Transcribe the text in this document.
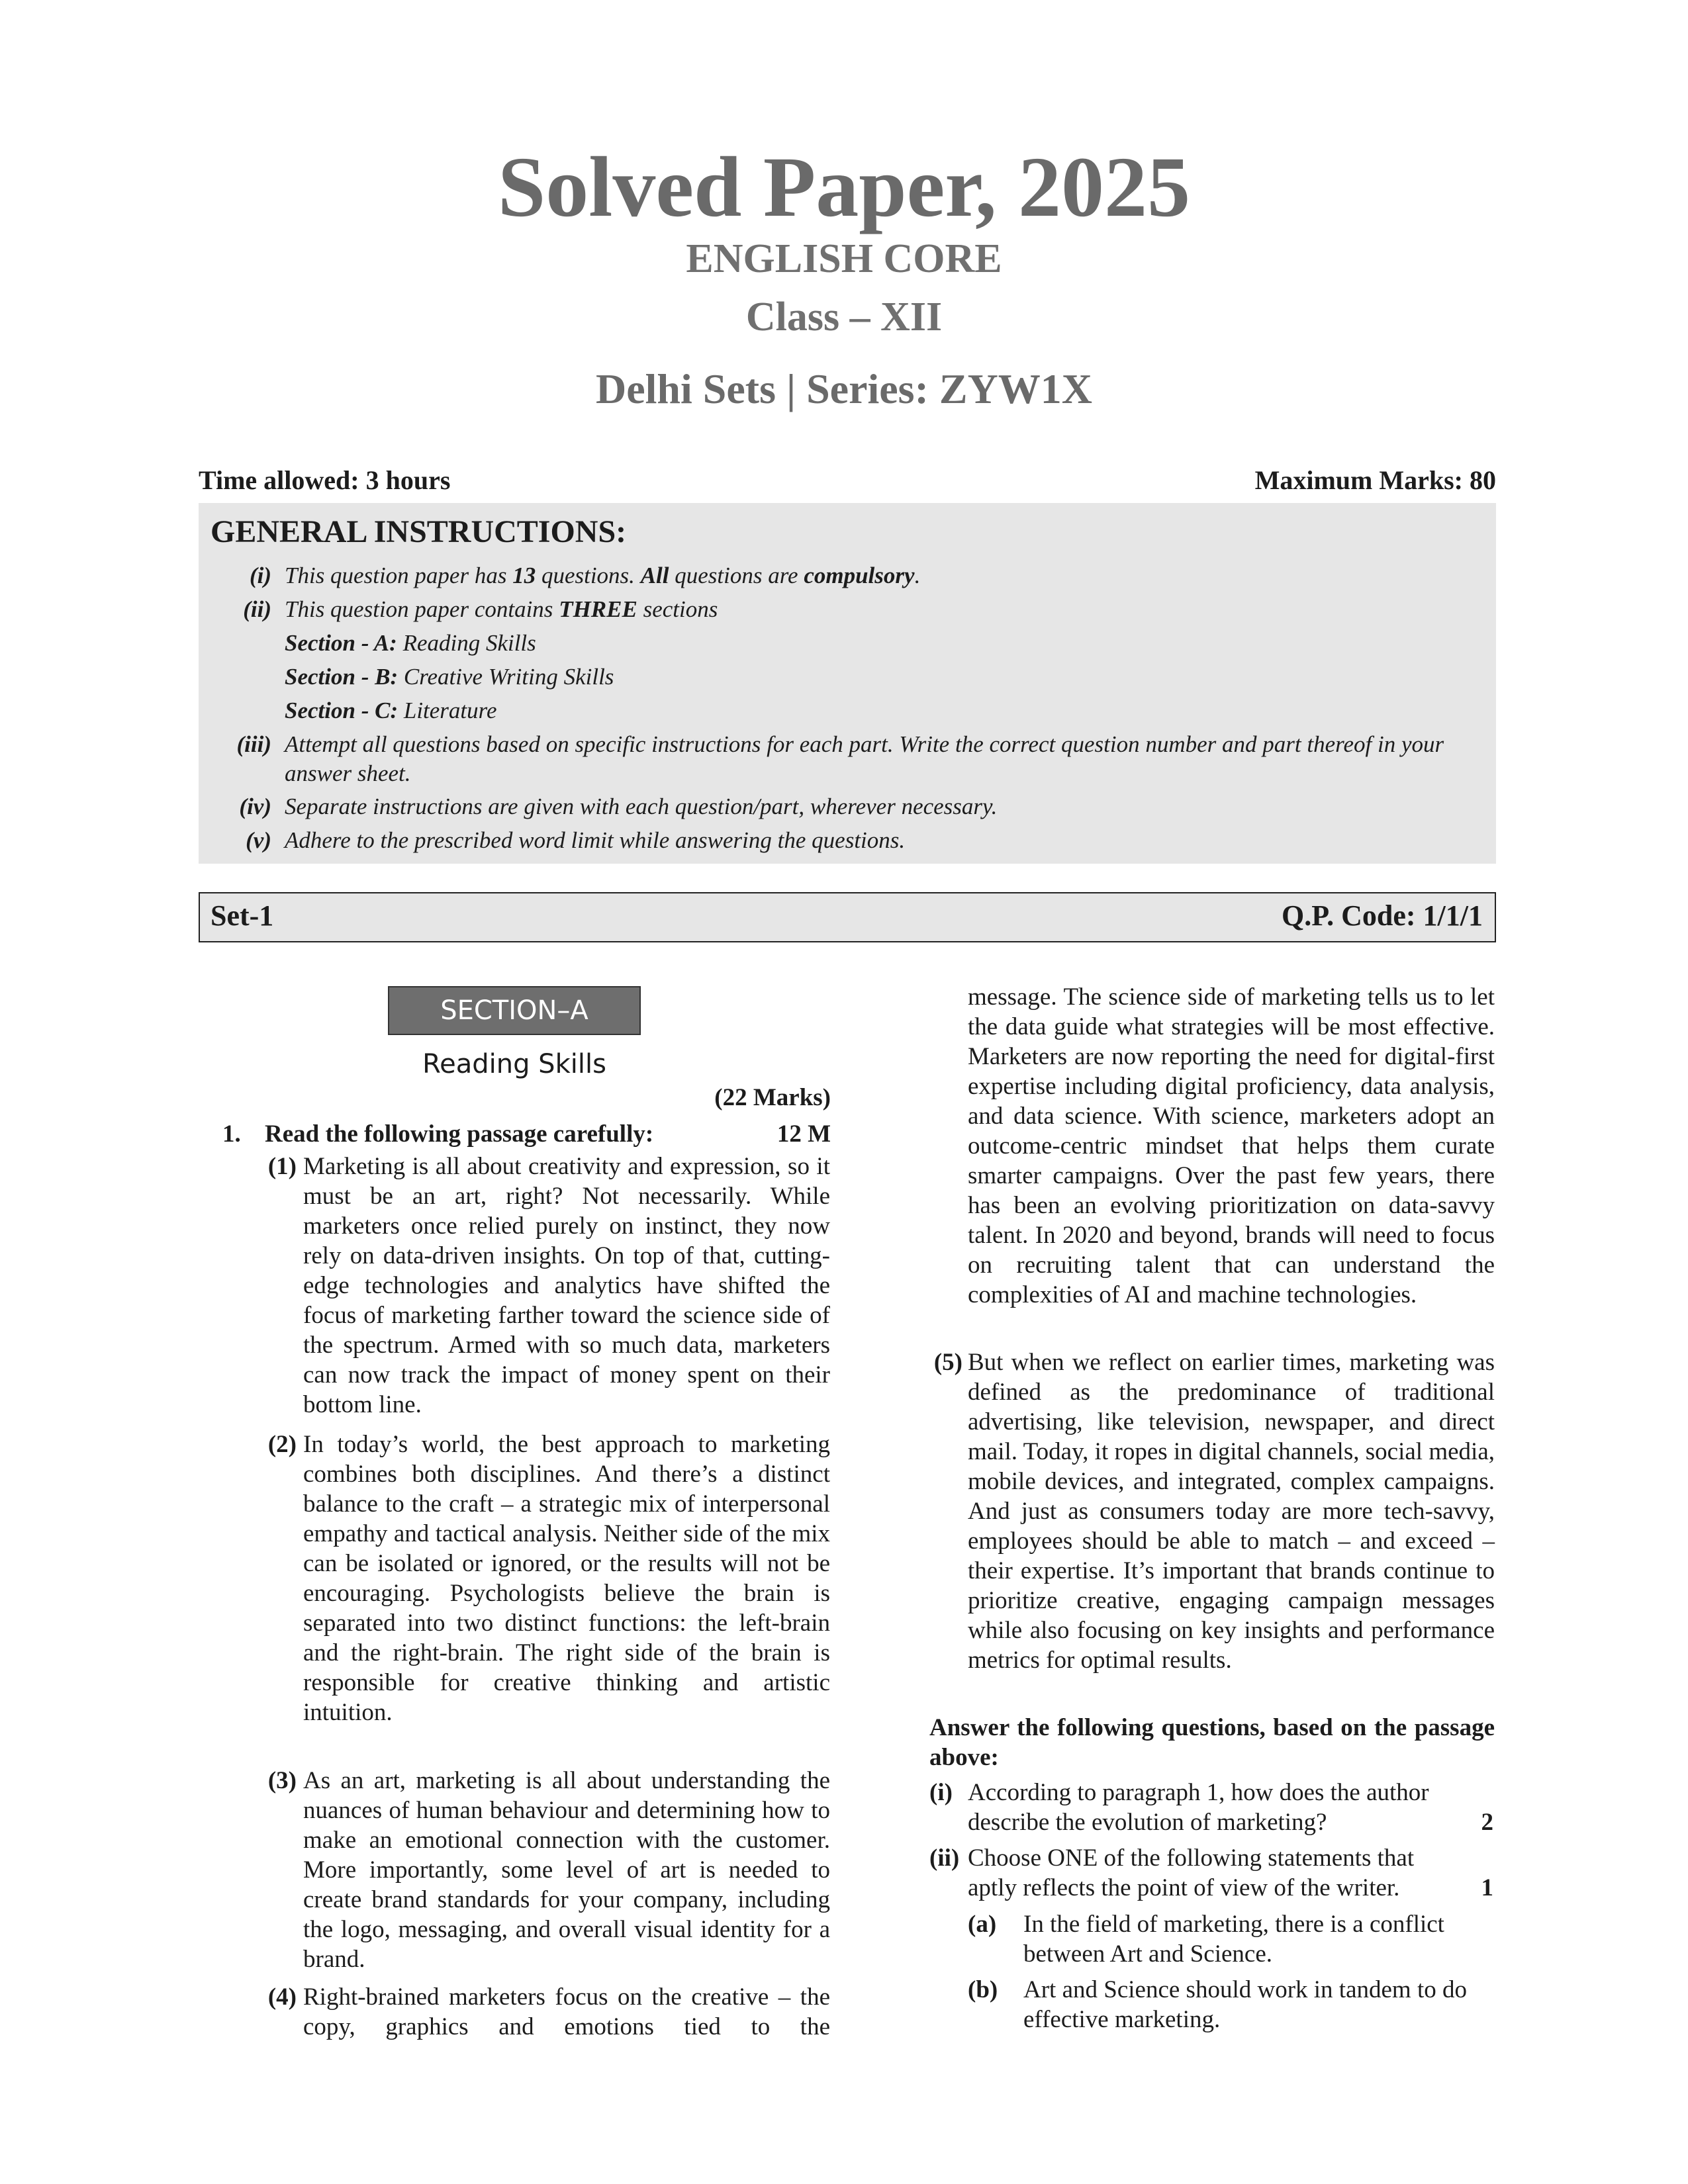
Solved Paper, 2025
ENGLISH CORE
Class – XII
Delhi Sets | Series: ZYW1X
Time allowed: 3 hours	Maximum Marks: 80
GENERAL INSTRUCTIONS:
(i) This question paper has 13 questions. All questions are compulsory.
(ii) This question paper contains THREE sections
Section - A: Reading Skills
Section - B: Creative Writing Skills
Section - C: Literature
(iii) Attempt all questions based on specific instructions for each part. Write the correct question number and part thereof in your answer sheet.
(iv) Separate instructions are given with each question/part, wherever necessary.
(v) Adhere to the prescribed word limit while answering the questions.
Set-1	Q.P. Code: 1/1/1
SECTION–A
Reading Skills
(22 Marks)
1. Read the following passage carefully:	12 M
(1) Marketing is all about creativity and expression, so it must be an art, right? Not necessarily. While marketers once relied purely on instinct, they now rely on data-driven insights. On top of that, cutting-edge technologies and analytics have shifted the focus of marketing farther toward the science side of the spectrum. Armed with so much data, marketers can now track the impact of money spent on their bottom line.
(2) In today’s world, the best approach to marketing combines both disciplines. And there’s a distinct balance to the craft – a strategic mix of interpersonal empathy and tactical analysis. Neither side of the mix can be isolated or ignored, or the results will not be encouraging. Psychologists believe the brain is separated into two distinct functions: the left-brain and the right-brain. The right side of the brain is responsible for creative thinking and artistic intuition.
(3) As an art, marketing is all about understanding the nuances of human behaviour and determining how to make an emotional connection with the customer. More importantly, some level of art is needed to create brand standards for your company, including the logo, messaging, and overall visual identity for a brand.
(4) Right-brained marketers focus on the creative – the copy, graphics and emotions tied to the
message. The science side of marketing tells us to let the data guide what strategies will be most effective. Marketers are now reporting the need for digital-first expertise including digital proficiency, data analysis, and data science. With science, marketers adopt an outcome-centric mindset that helps them curate smarter campaigns. Over the past few years, there has been an evolving prioritization on data-savvy talent. In 2020 and beyond, brands will need to focus on recruiting talent that can understand the complexities of AI and machine technologies.
(5) But when we reflect on earlier times, marketing was defined as the predominance of traditional advertising, like television, newspaper, and direct mail. Today, it ropes in digital channels, social media, mobile devices, and integrated, complex campaigns. And just as consumers today are more tech-savvy, employees should be able to match – and exceed – their expertise. It’s important that brands continue to prioritize creative, engaging campaign messages while also focusing on key insights and performance metrics for optimal results.
Answer the following questions, based on the passage above:
(i) According to paragraph 1, how does the author describe the evolution of marketing?	2
(ii) Choose ONE of the following statements that aptly reflects the point of view of the writer.	1
(a) In the field of marketing, there is a conflict between Art and Science.
(b) Art and Science should work in tandem to do effective marketing.
